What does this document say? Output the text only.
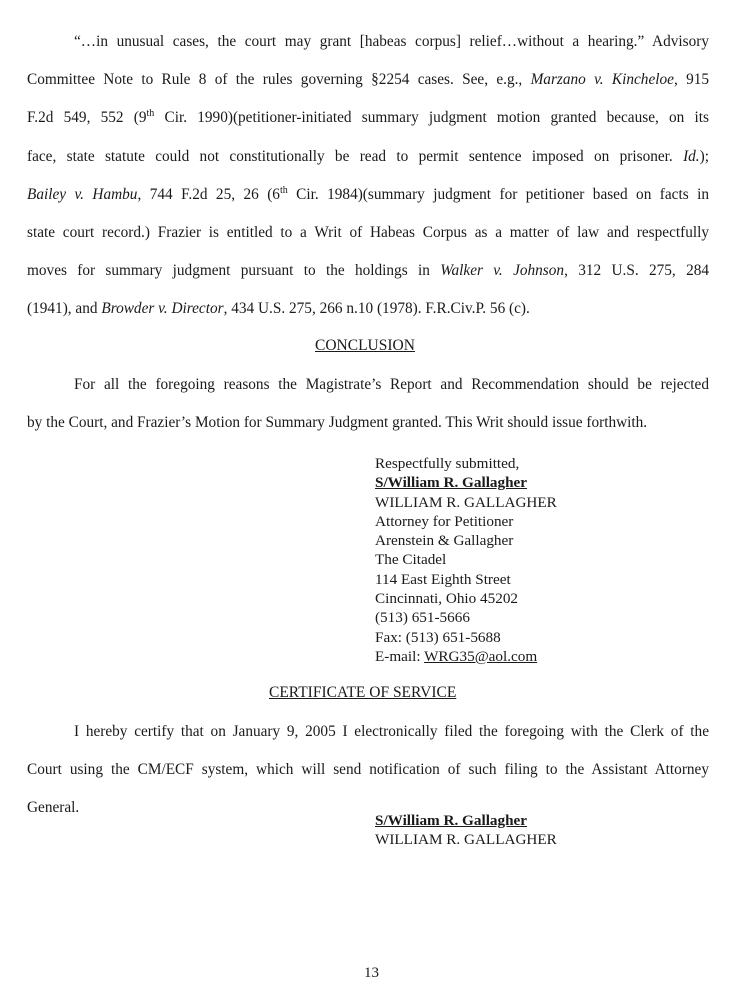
“…in unusual cases, the court may grant [habeas corpus] relief…without a hearing.” Advisory
Committee Note to Rule 8 of the rules governing §2254 cases. See, e.g., Marzano v. Kincheloe, 915
F.2d 549, 552 (9th Cir. 1990)(petitioner-initiated summary judgment motion granted because, on its
face, state statute could not constitutionally be read to permit sentence imposed on prisoner. Id.);
Bailey v. Hambu, 744 F.2d 25, 26 (6th Cir. 1984)(summary judgment for petitioner based on facts in
state court record.) Frazier is entitled to a Writ of Habeas Corpus as a matter of law and respectfully
moves for summary judgment pursuant to the holdings in Walker v. Johnson, 312 U.S. 275, 284
(1941), and Browder v. Director, 434 U.S. 275, 266 n.10 (1978). F.R.Civ.P. 56 (c).
CONCLUSION
For all the foregoing reasons the Magistrate’s Report and Recommendation should be rejected
by the Court, and Frazier’s Motion for Summary Judgment granted. This Writ should issue forthwith.
Respectfully submitted,
S/William R. Gallagher
WILLIAM R. GALLAGHER
Attorney for Petitioner
Arenstein & Gallagher
The Citadel
114 East Eighth Street
Cincinnati, Ohio 45202
(513) 651-5666
Fax: (513) 651-5688
E-mail: WRG35@aol.com
CERTIFICATE OF SERVICE
I hereby certify that on January 9, 2005 I electronically filed the foregoing with the Clerk of the
Court using the CM/ECF system, which will send notification of such filing to the Assistant Attorney
General.
S/William R. Gallagher
WILLIAM R. GALLAGHER
13
